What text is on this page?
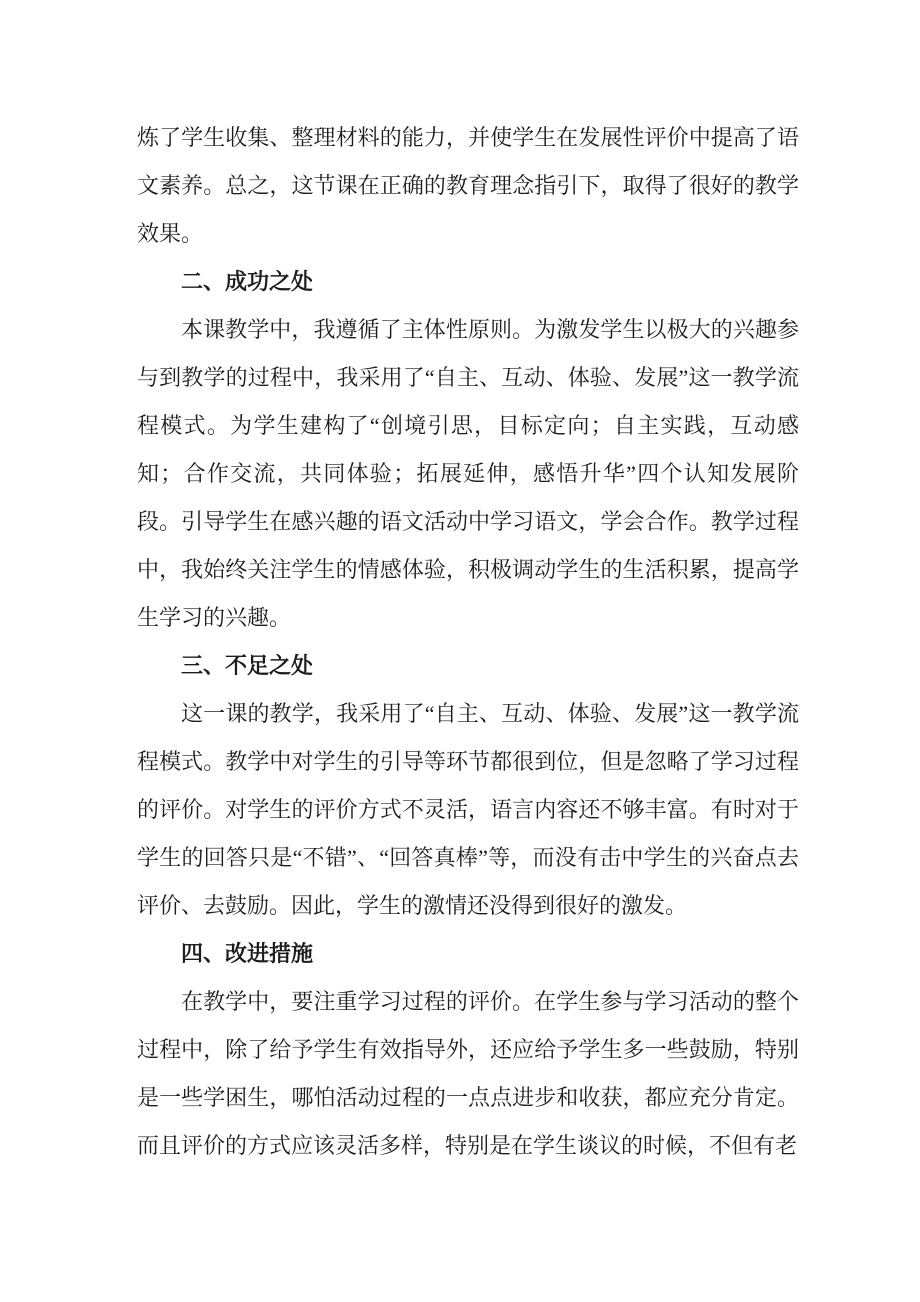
炼了学生收集、整理材料的能力，并使学生在发展性评价中提高了语文素养。总之，这节课在正确的教育理念指引下，取得了很好的教学效果。

二、成功之处

本课教学中，我遵循了主体性原则。为激发学生以极大的兴趣参与到教学的过程中，我采用了“自主、互动、体验、发展”这一教学流程模式。为学生建构了“创境引思，目标定向；自主实践，互动感知；合作交流，共同体验；拓展延伸，感悟升华”四个认知发展阶段。引导学生在感兴趣的语文活动中学习语文，学会合作。教学过程中，我始终关注学生的情感体验，积极调动学生的生活积累，提高学生学习的兴趣。

三、不足之处

这一课的教学，我采用了“自主、互动、体验、发展”这一教学流程模式。教学中对学生的引导等环节都很到位，但是忽略了学习过程的评价。对学生的评价方式不灵活，语言内容还不够丰富。有时对于学生的回答只是“不错”、“回答真棒”等，而没有击中学生的兴奋点去评价、去鼓励。因此，学生的激情还没得到很好的激发。

四、改进措施

在教学中，要注重学习过程的评价。在学生参与学习活动的整个过程中，除了给予学生有效指导外，还应给予学生多一些鼓励，特别是一些学困生，哪怕活动过程的一点点进步和收获，都应充分肯定。而且评价的方式应该灵活多样，特别是在学生谈议的时候，不但有老
